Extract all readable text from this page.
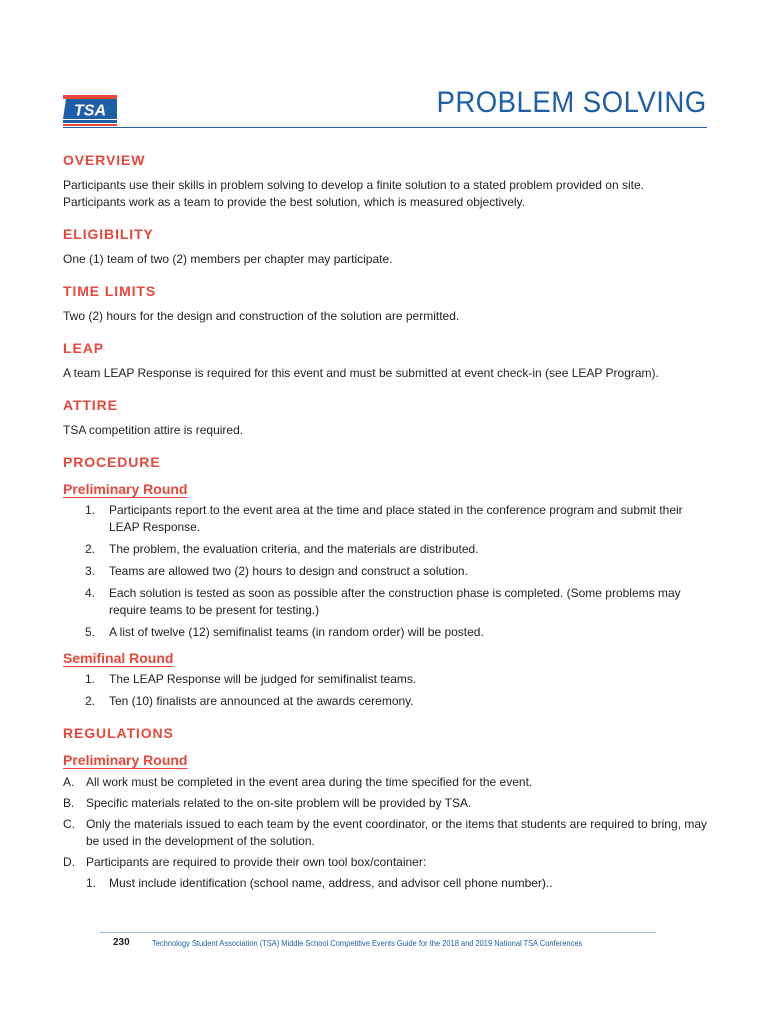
TSA	PROBLEM SOLVING
OVERVIEW

Participants use their skills in problem solving to develop a finite solution to a stated problem provided on site. Participants work as a team to provide the best solution, which is measured objectively.

ELIGIBILITY

One (1) team of two (2) members per chapter may participate.

TIME LIMITS

Two (2) hours for the design and construction of the solution are permitted.

LEAP

A team LEAP Response is required for this event and must be submitted at event check-in (see LEAP Program).

ATTIRE

TSA competition attire is required.

PROCEDURE
Preliminary Round
1. Participants report to the event area at the time and place stated in the conference program and submit their LEAP Response.
2. The problem, the evaluation criteria, and the materials are distributed.
3. Teams are allowed two (2) hours to design and construct a solution.
4. Each solution is tested as soon as possible after the construction phase is completed. (Some problems may require teams to be present for testing.)
5. A list of twelve (12) semifinalist teams (in random order) will be posted.
Semifinal Round
1. The LEAP Response will be judged for semifinalist teams.
2. Ten (10) finalists are announced at the awards ceremony.
REGULATIONS
Preliminary Round
A. All work must be completed in the event area during the time specified for the event.
B. Specific materials related to the on-site problem will be provided by TSA.
C. Only the materials issued to each team by the event coordinator, or the items that students are required to bring, may be used in the development of the solution.
D. Participants are required to provide their own tool box/container:
1. Must include identification (school name, address, and advisor cell phone number)..
230	Technology Student Association (TSA) Middle School Competitive Events Guide for the 2018 and 2019 National TSA Conferences
